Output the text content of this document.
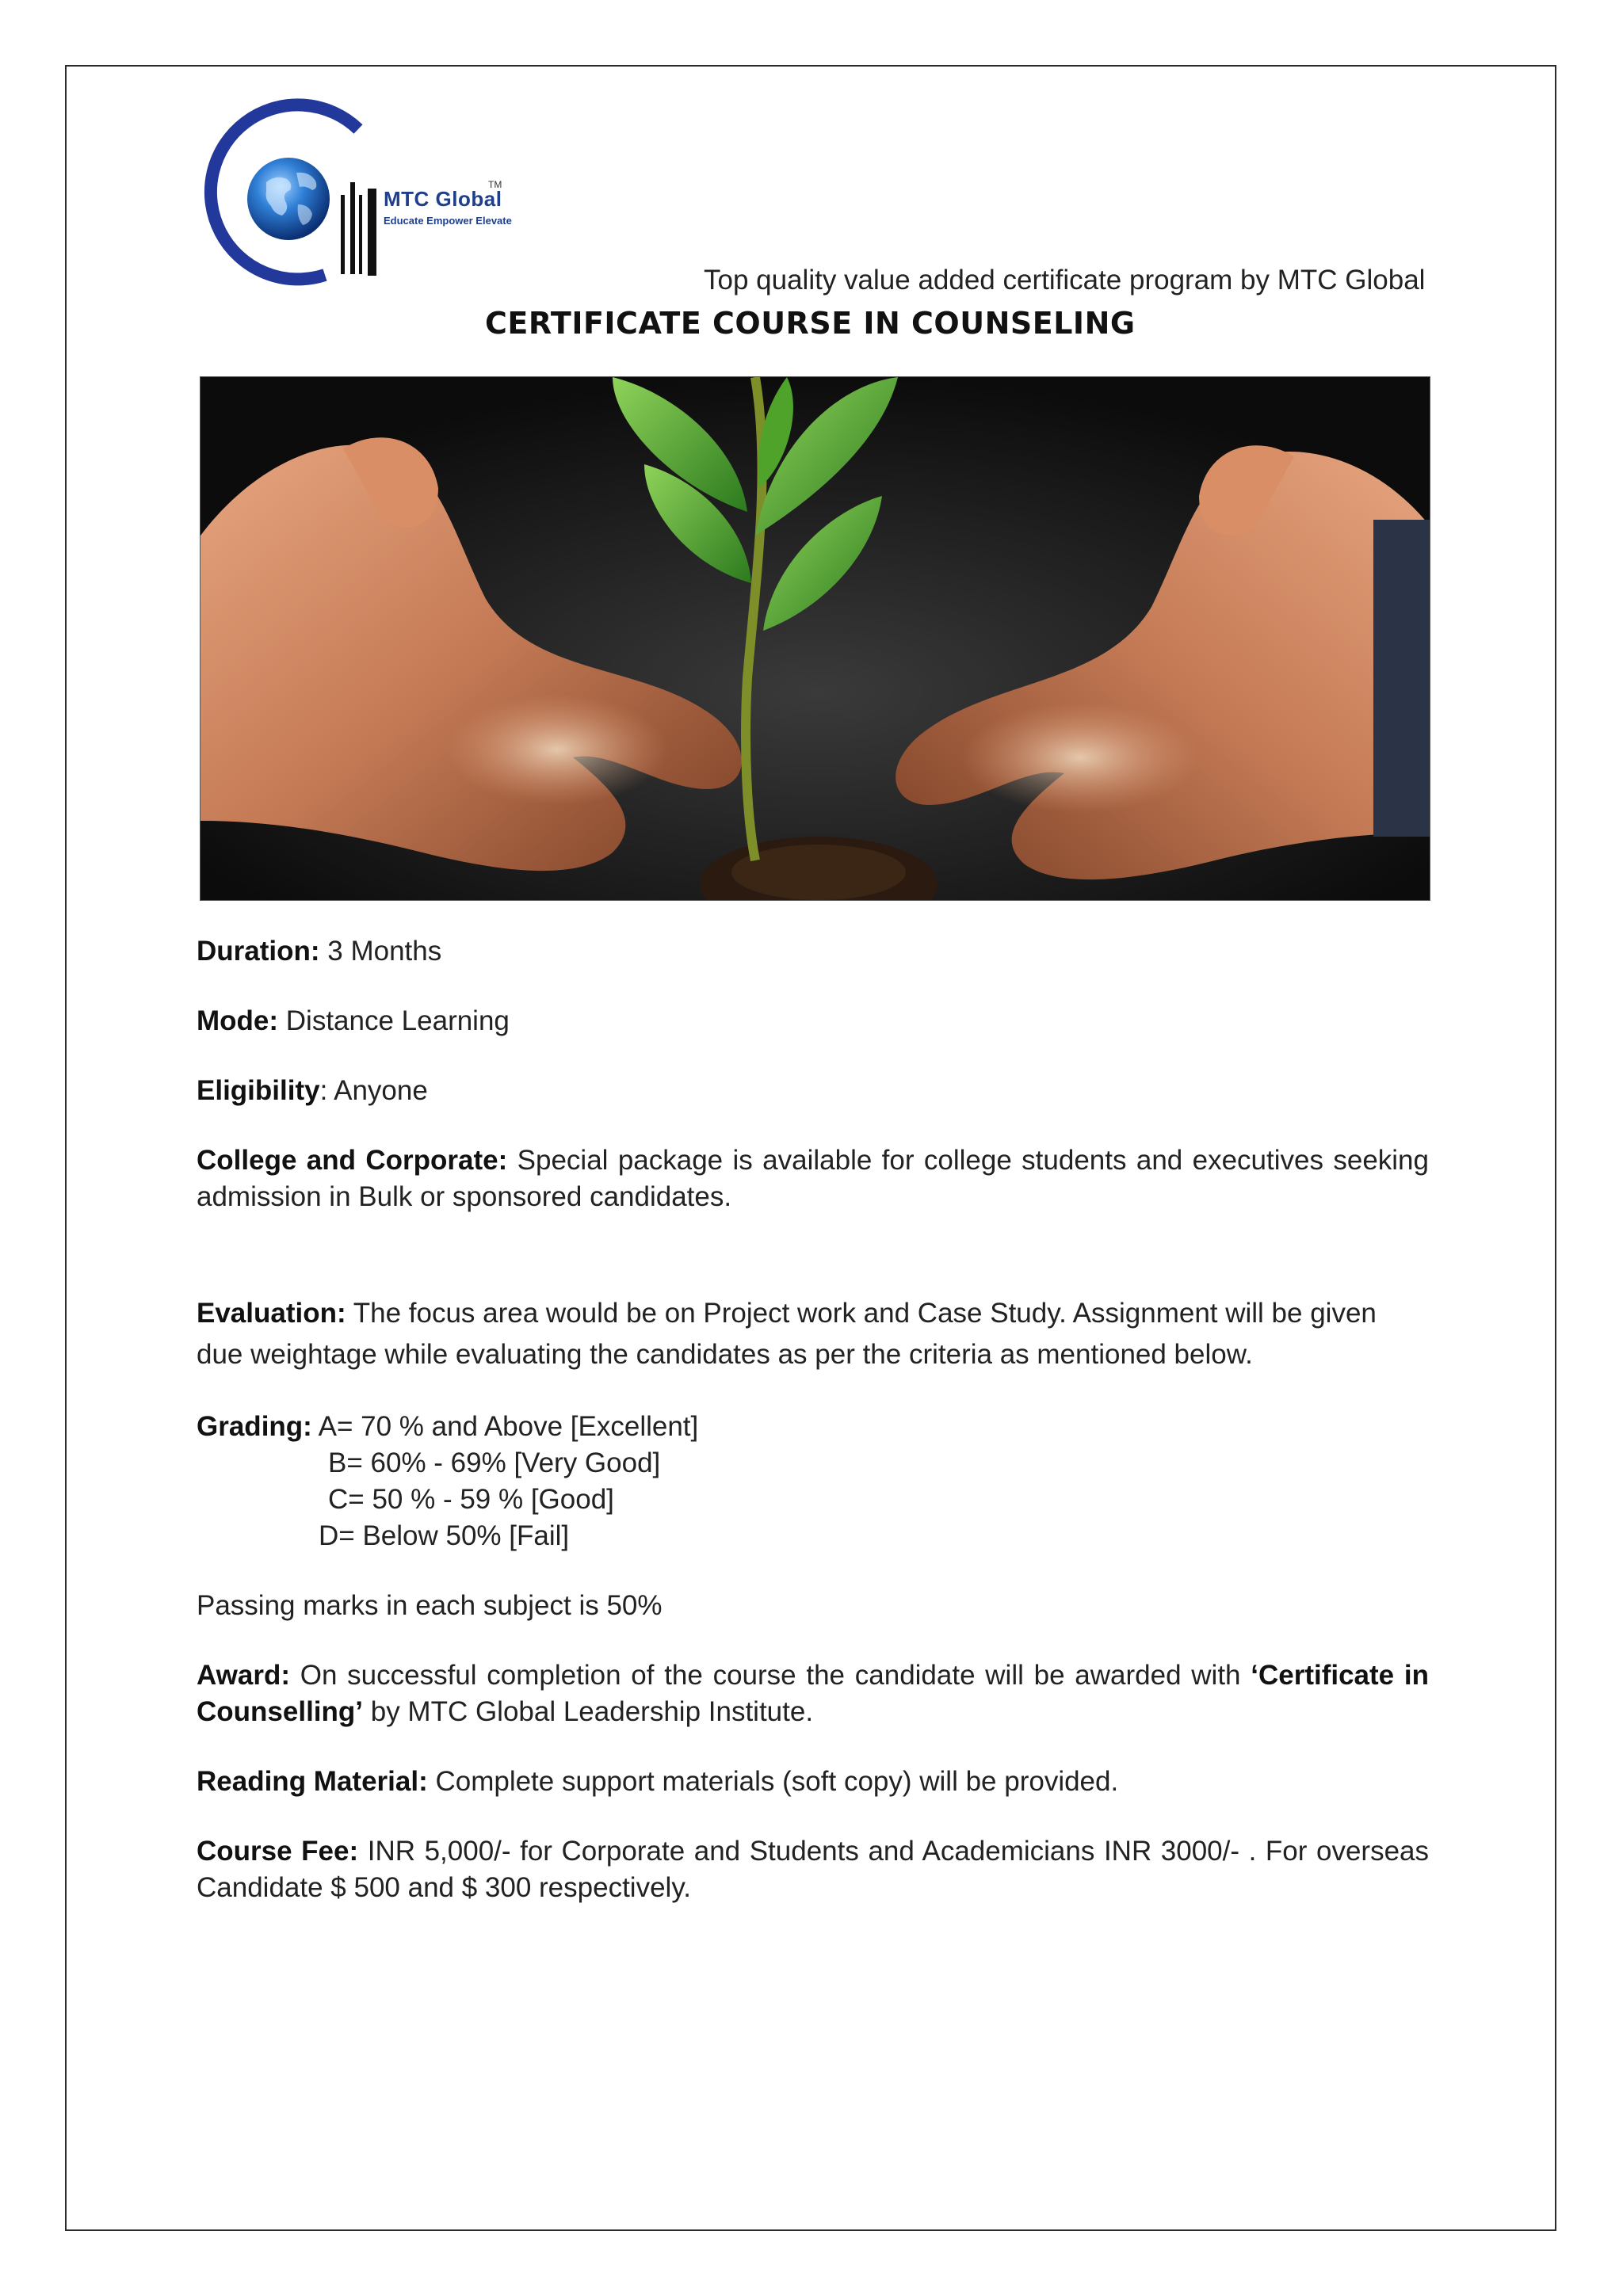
TM
MTC Global
Educate Empower Elevate
Top quality value added certificate program by MTC Global
CERTIFICATE COURSE IN COUNSELING

Duration: 3 Months

Mode: Distance Learning

Eligibility: Anyone

College and Corporate: Special package is available for college students and executives seeking admission in Bulk or sponsored candidates.

Evaluation: The focus area would be on Project work and Case Study. Assignment will be given due weightage while evaluating the candidates as per the criteria as mentioned below.

Grading: A= 70 % and Above [Excellent]
B= 60% - 69% [Very Good]
C= 50 % - 59 % [Good]
D= Below 50% [Fail]

Passing marks in each subject is 50%

Award: On successful completion of the course the candidate will be awarded with ‘Certificate in Counselling’ by MTC Global Leadership Institute.

Reading Material: Complete support materials (soft copy) will be provided.

Course Fee: INR 5,000/- for Corporate and Students and Academicians INR 3000/- . For overseas Candidate $ 500 and $ 300 respectively.
